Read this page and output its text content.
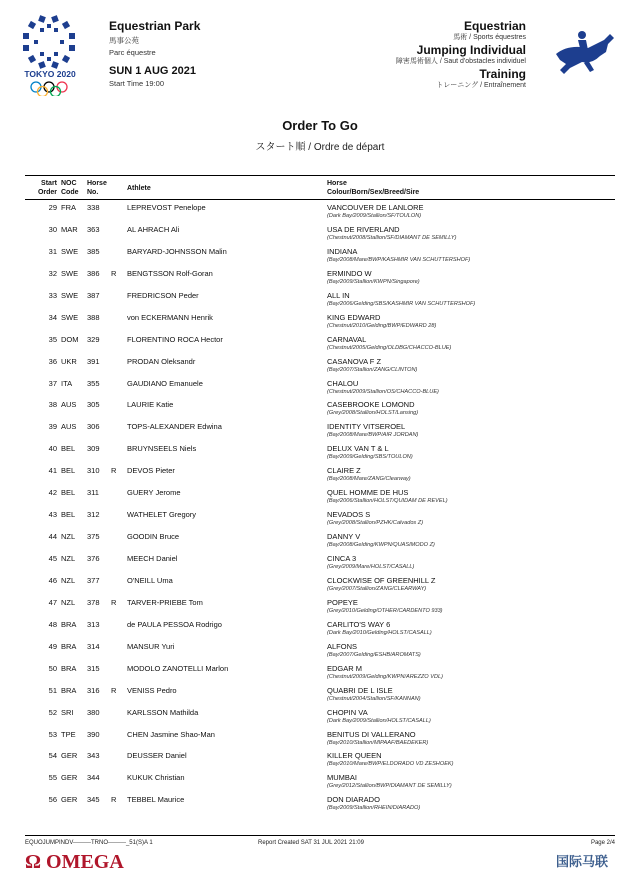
TOKYO 2020
Equestrian Park
馬事公苑
Parc équestre
SUN 1 AUG 2021
Start Time 19:00
Equestrian
馬術 / Sports équestres
Jumping Individual
障害馬術個人 / Saut d'obstacles individuel
Training
トレーニング / Entraînement
Order To Go
スタート順 / Ordre de départ
Start
Order
NOC
Code
Horse
No.
Athlete
Horse
Colour/Born/Sex/Breed/Sire
29 FRA 338	LEPREVOST Penelope	VANCOUVER DE LANLORE
(Dark Bay/2009/Stallion/SF/TOULON)
30 MAR 363	AL AHRACH Ali	USA DE RIVERLAND
(Chestnut/2008/Stallion/SF/DIAMANT DE SEMILLY)
31 SWE 385	BARYARD-JOHNSSON Malin	INDIANA
(Bay/2008/Mare/BWP/KASHMIR VAN SCHUTTERSHOF)
32 SWE 386 R BENGTSSON Rolf-Goran	ERMINDO W
(Bay/2009/Stallion/KWPN/Singapore)
33 SWE 387	FREDRICSON Peder	ALL IN
(Bay/2006/Gelding/SBS/KASHMIR VAN SCHUTTERSHOF)
34 SWE 388	von ECKERMANN Henrik	KING EDWARD
(Chestnut/2010/Gelding/BWP/EDWARD 28)
35 DOM 329	FLORENTINO ROCA Hector	CARNAVAL
(Chestnut/2005/Gelding/OLDBG/CHACCO-BLUE)
36 UKR 391	PRODAN Oleksandr	CASANOVA F Z
(Bay/2007/Stallion/ZANG/CLINTON)
37 ITA 355	GAUDIANO Emanuele	CHALOU
(Chestnut/2009/Stallion/OS/CHACCO-BLUE)
38 AUS 305	LAURIE Katie	CASEBROOKE LOMOND
(Grey/2008/Stallion/HOLST/Lansing)
39 AUS 306	TOPS-ALEXANDER Edwina	IDENTITY VITSEROEL
(Bay/2008/Mare/BWP/AIR JORDAN)
40 BEL 309	BRUYNSEELS Niels	DELUX VAN T & L
(Bay/2009/Gelding/SBS/TOULON)
41 BEL 310 R DEVOS Pieter	CLAIRE Z
(Bay/2008/Mare/ZANG/Clearway)
42 BEL 311	GUERY Jerome	QUEL HOMME DE HUS
(Bay/2006/Stallion/HOLST/QUIDAM DE REVEL)
43 BEL 312	WATHELET Gregory	NEVADOS S
(Grey/2008/Stallion/PZHK/Calvados Z)
44 NZL 375	GOODIN Bruce	DANNY V
(Bay/2008/Gelding/KWPN/QUASIMODO Z)
45 NZL 376	MEECH Daniel	CINCA 3
(Grey/2009/Mare/HOLST/CASALL)
46 NZL 377	O'NEILL Uma	CLOCKWISE OF GREENHILL Z
(Grey/2007/Stallion/ZANG/CLEARWAY)
47 NZL 378 R TARVER-PRIEBE Tom	POPEYE
(Grey/2010/Gelding/OTHER/CARDENTO 933)
48 BRA 313	de PAULA PESSOA Rodrigo	CARLITO'S WAY 6
(Dark Bay/2010/Gelding/HOLST/CASALL)
49 BRA 314	MANSUR Yuri	ALFONS
(Bay/2007/Gelding/ESHB/AROMATS)
50 BRA 315	MODOLO ZANOTELLI Marlon	EDGAR M
(Chestnut/2009/Gelding/KWPN/AREZZO VDL)
51 BRA 316 R VENISS Pedro	QUABRI DE L ISLE
(Chestnut/2004/Stallion/SF/KANNAN)
52 SRI 380	KARLSSON Mathilda	CHOPIN VA
(Dark Bay/2009/Stallion/HOLST/CASALL)
53 TPE 390	CHEN Jasmine Shao-Man	BENITUS DI VALLERANO
(Bay/2010/Stallion/MIPAAF/BAEDEKER)
54 GER 343	DEUSSER Daniel	KILLER QUEEN
(Bay/2010/Mare/BWP/ELDORADO VD ZESHOEK)
55 GER 344	KUKUK Christian	MUMBAI
(Grey/2012/Stallion/BWP/DIAMANT DE SEMILLY)
56 GER 345 R TEBBEL Maurice	DON DIARADO
(Bay/2009/Stallion/RHEIN/DIARADO)
EQUOJUMPINDV---------TRNO---------_51(S)A 1	Report Created SAT 31 JUL 2021 21:09	Page 2/4
Ω OMEGA	国际马联
